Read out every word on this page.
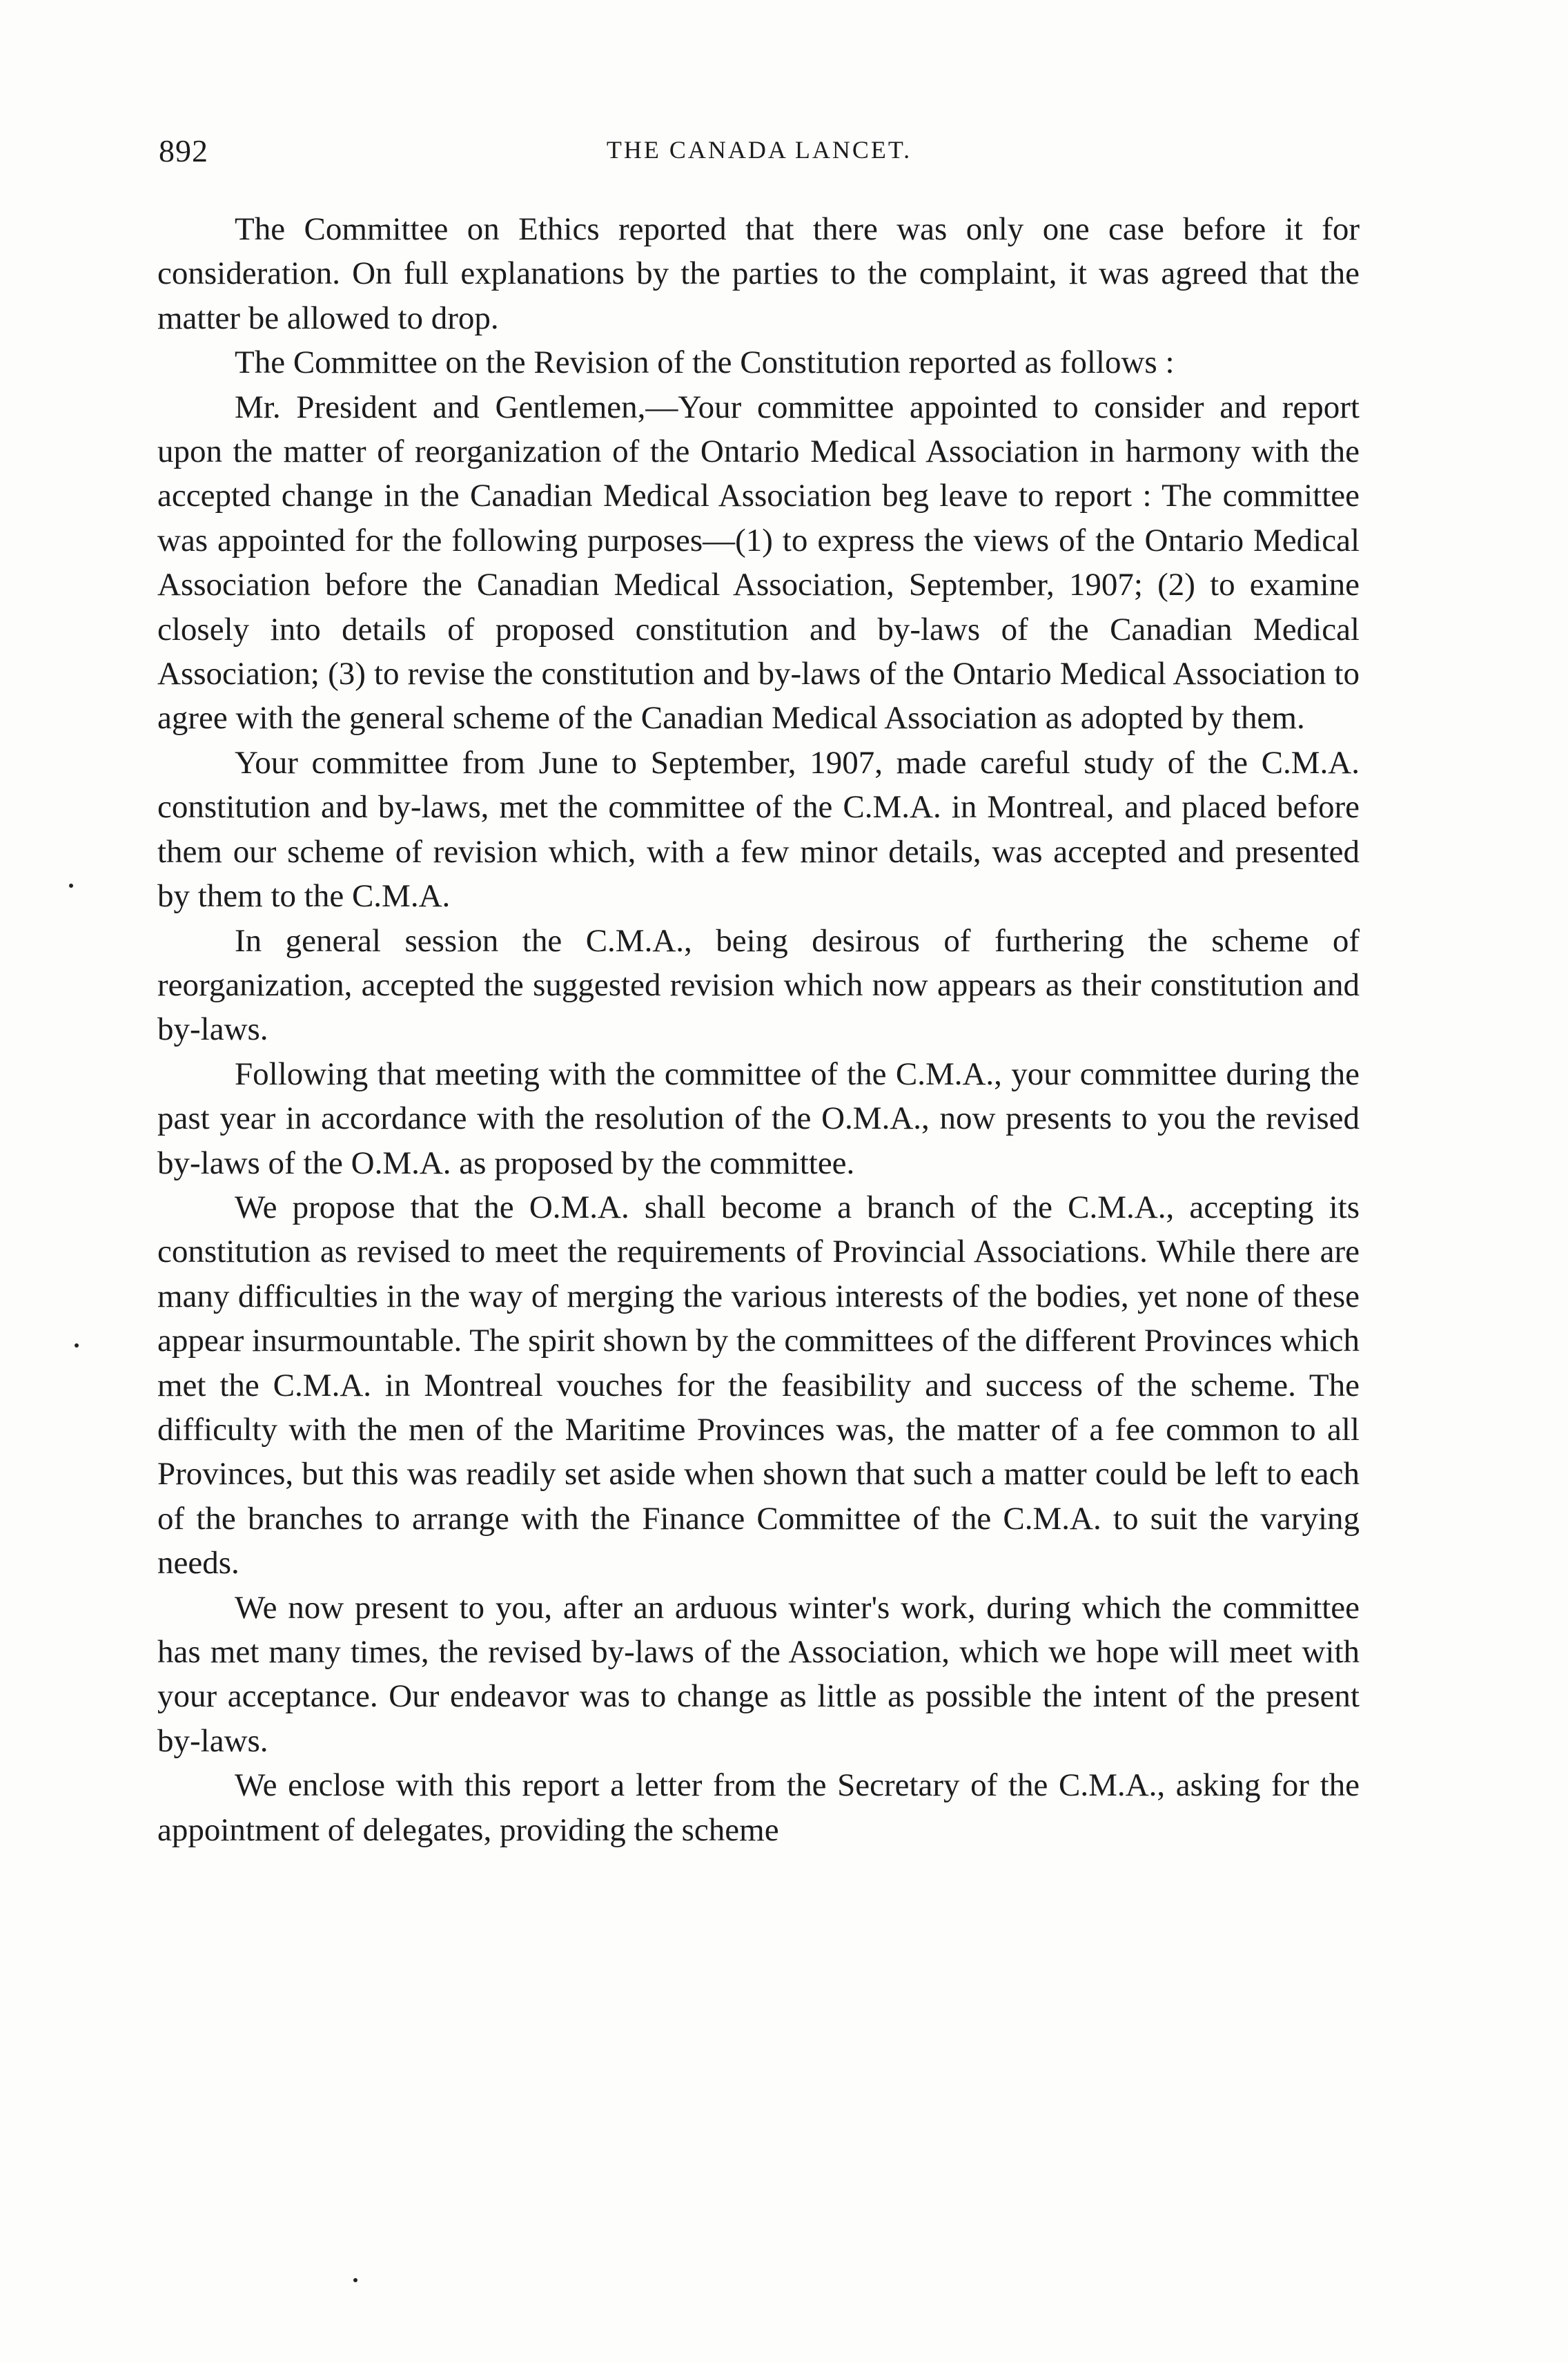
892	THE CANADA LANCET.

The Committee on Ethics reported that there was only one case before it for consideration. On full explanations by the parties to the complaint, it was agreed that the matter be allowed to drop.

The Committee on the Revision of the Constitution reported as follows :

Mr. President and Gentlemen,—Your committee appointed to consider and report upon the matter of reorganization of the Ontario Medical Association in harmony with the accepted change in the Canadian Medical Association beg leave to report : The committee was appointed for the following purposes—(1) to express the views of the Ontario Medical Association before the Canadian Medical Association, September, 1907; (2) to examine closely into details of proposed constitution and by-laws of the Canadian Medical Association; (3) to revise the constitution and by-laws of the Ontario Medical Association to agree with the general scheme of the Canadian Medical Association as adopted by them.

Your committee from June to September, 1907, made careful study of the C.M.A. constitution and by-laws, met the committee of the C.M.A. in Montreal, and placed before them our scheme of revision which, with a few minor details, was accepted and presented by them to the C.M.A.

In general session the C.M.A., being desirous of furthering the scheme of reorganization, accepted the suggested revision which now appears as their constitution and by-laws.

Following that meeting with the committee of the C.M.A., your committee during the past year in accordance with the resolution of the O.M.A., now presents to you the revised by-laws of the O.M.A. as proposed by the committee.

We propose that the O.M.A. shall become a branch of the C.M.A., accepting its constitution as revised to meet the requirements of Provincial Associations. While there are many difficulties in the way of merging the various interests of the bodies, yet none of these appear insurmountable. The spirit shown by the committees of the different Provinces which met the C.M.A. in Montreal vouches for the feasibility and success of the scheme. The difficulty with the men of the Maritime Provinces was, the matter of a fee common to all Provinces, but this was readily set aside when shown that such a matter could be left to each of the branches to arrange with the Finance Committee of the C.M.A. to suit the varying needs.

We now present to you, after an arduous winter's work, during which the committee has met many times, the revised by-laws of the Association, which we hope will meet with your acceptance. Our endeavor was to change as little as possible the intent of the present by-laws.

We enclose with this report a letter from the Secretary of the C.M.A., asking for the appointment of delegates, providing the scheme
